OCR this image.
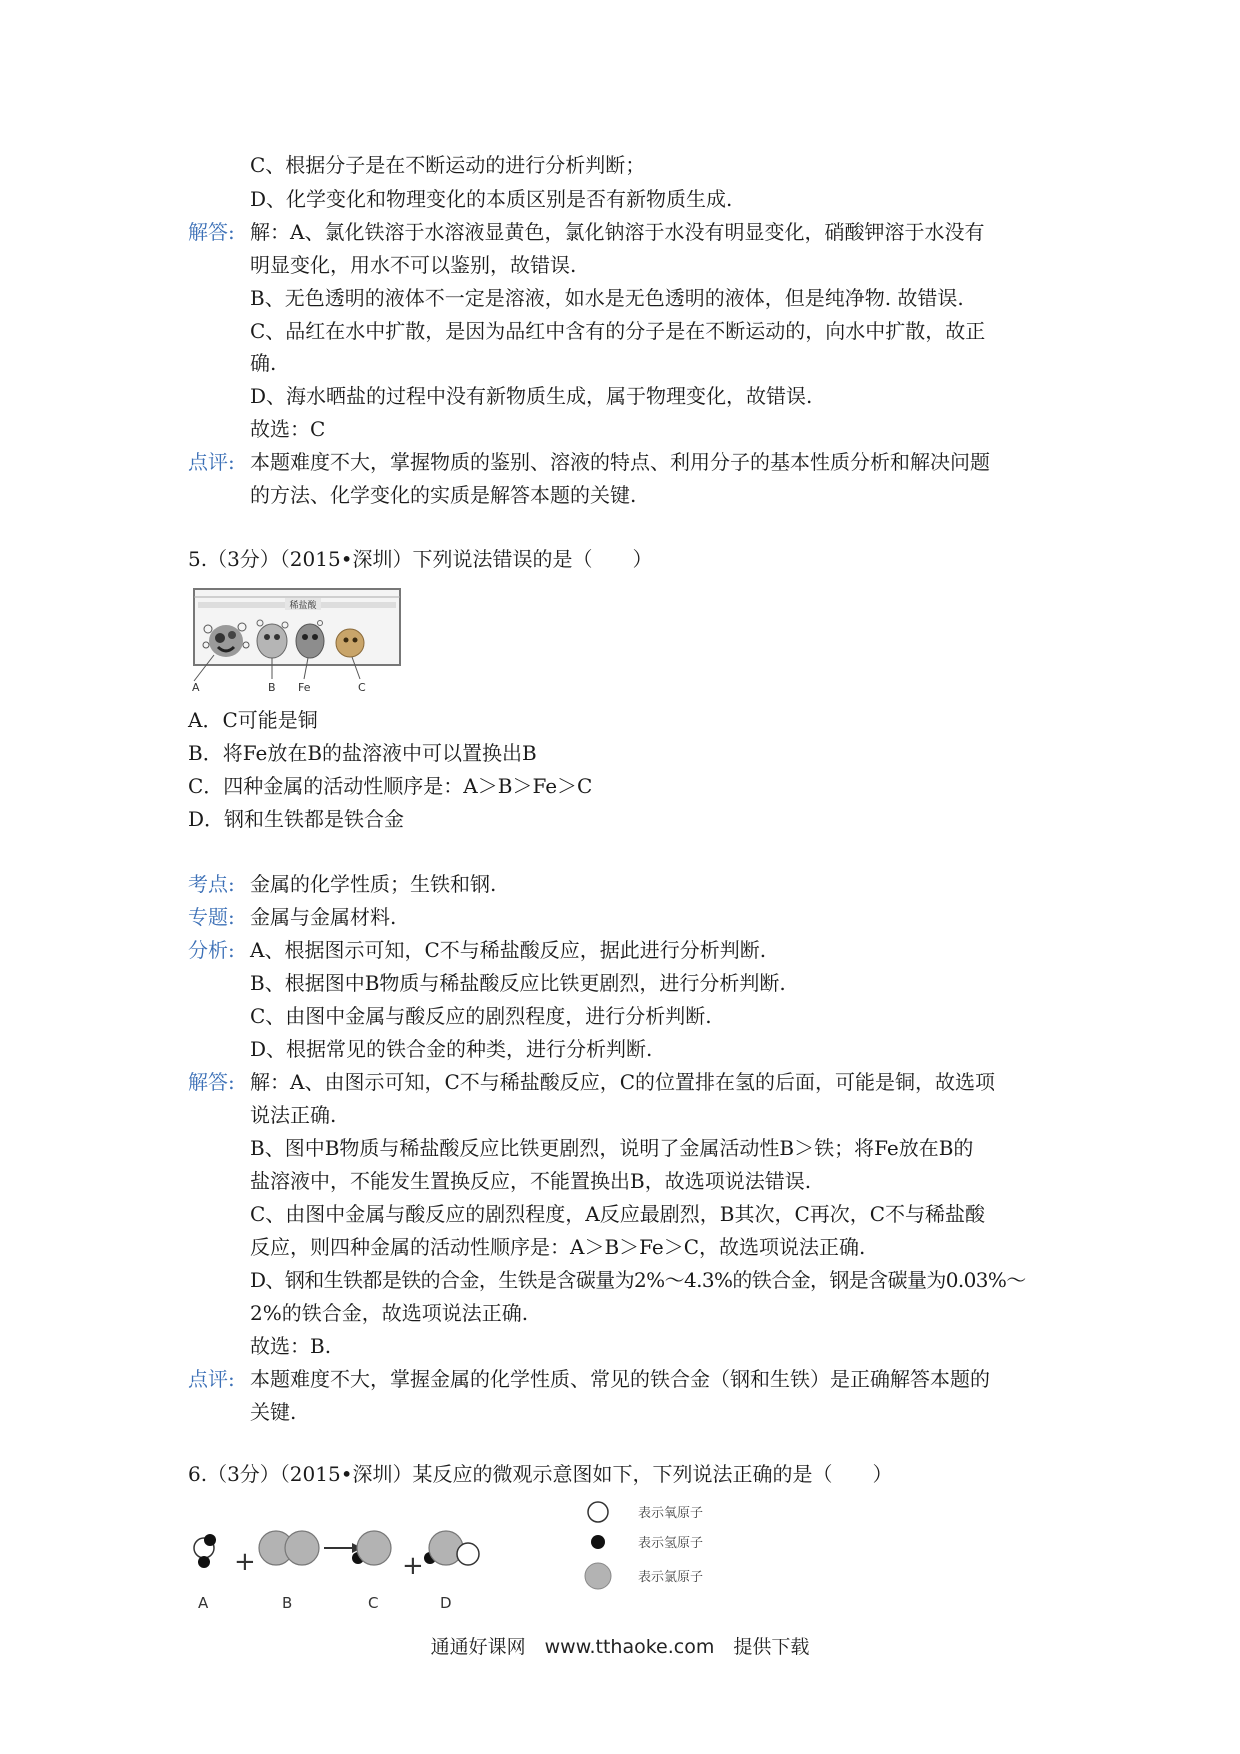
C、根据分子是在不断运动的进行分析判断；
D、化学变化和物理变化的本质区别是否有新物质生成.
解答: 解：A、氯化铁溶于水溶液显黄色，氯化钠溶于水没有明显变化，硝酸钾溶于水没有
明显变化，用水不可以鉴别，故错误.
B、无色透明的液体不一定是溶液，如水是无色透明的液体，但是纯净物. 故错误.
C、品红在水中扩散，是因为品红中含有的分子是在不断运动的，向水中扩散，故正
确.
D、海水晒盐的过程中没有新物质生成，属于物理变化，故错误.
故选：C
点评: 本题难度不大，掌握物质的鉴别、溶液的特点、利用分子的基本性质分析和解决问题
的方法、化学变化的实质是解答本题的关键.
5.（3分）（2015•深圳）下列说法错误的是（　　）
稀盐酸
A	B Fe	C
A．C可能是铜
B．将Fe放在B的盐溶液中可以置换出B
C．四种金属的活动性顺序是：A＞B＞Fe＞C
D．钢和生铁都是铁合金
考点: 金属的化学性质；生铁和钢.
专题: 金属与金属材料.
分析: A、根据图示可知，C不与稀盐酸反应，据此进行分析判断.
B、根据图中B物质与稀盐酸反应比铁更剧烈，进行分析判断.
C、由图中金属与酸反应的剧烈程度，进行分析判断.
D、根据常见的铁合金的种类，进行分析判断.
解答: 解：A、由图示可知，C不与稀盐酸反应，C的位置排在氢的后面，可能是铜，故选项
说法正确.
B、图中B物质与稀盐酸反应比铁更剧烈，说明了金属活动性B＞铁；将Fe放在B的
盐溶液中，不能发生置换反应，不能置换出B，故选项说法错误.
C、由图中金属与酸反应的剧烈程度，A反应最剧烈，B其次，C再次，C不与稀盐酸
反应，则四种金属的活动性顺序是：A＞B＞Fe＞C，故选项说法正确.
D、钢和生铁都是铁的合金，生铁是含碳量为2%～4.3%的铁合金，钢是含碳量为0.03%～
2%的铁合金，故选项说法正确.
故选：B.
点评: 本题难度不大，掌握金属的化学性质、常见的铁合金（钢和生铁）是正确解答本题的
关键.
6.（3分）（2015•深圳）某反应的微观示意图如下，下列说法正确的是（　　）
+	+
A	B	C	D
表示氧原子
表示氢原子
表示氯原子
通通好课网　www.tthaoke.com　提供下载
